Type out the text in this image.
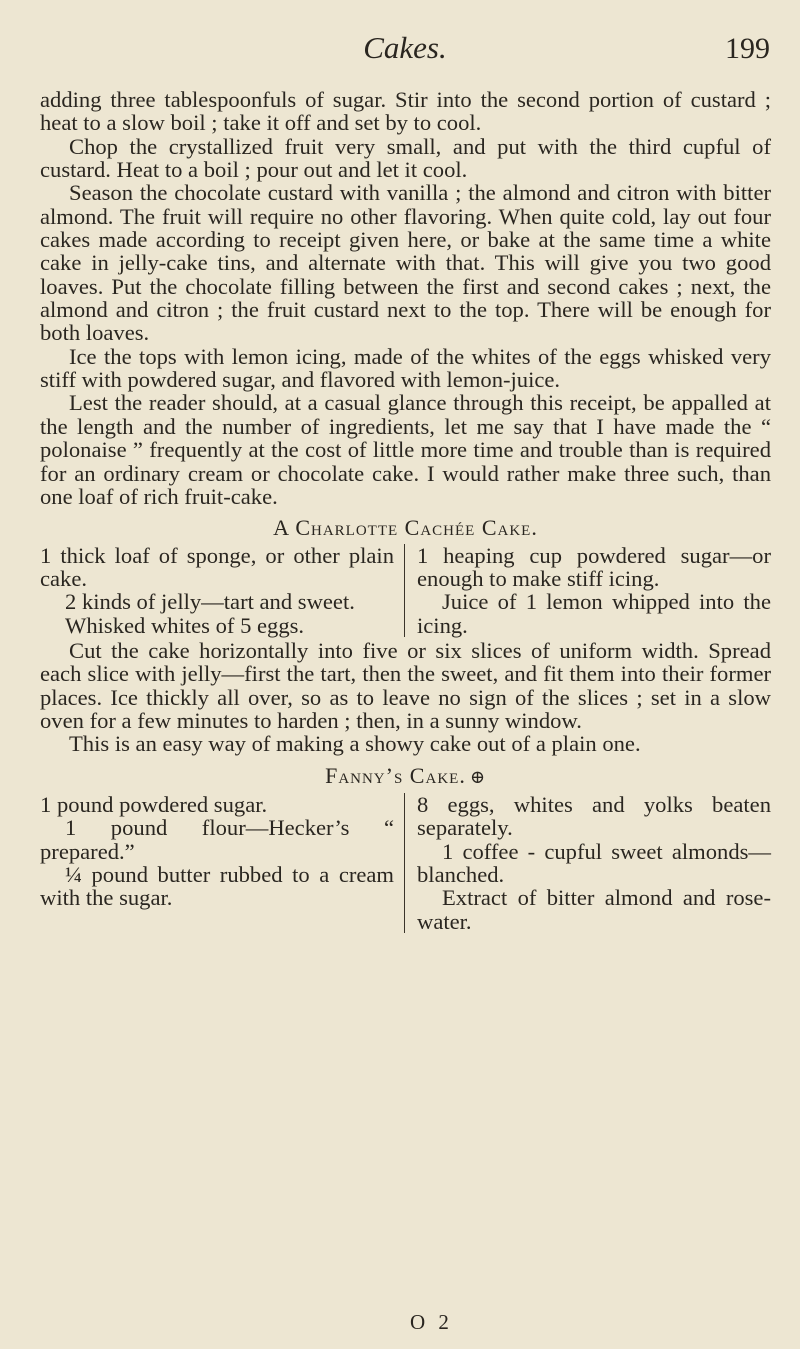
Cakes.	199

adding three tablespoonfuls of sugar. Stir into the second portion of custard ; heat to a slow boil ; take it off and set by to cool.

Chop the crystallized fruit very small, and put with the third cupful of custard. Heat to a boil ; pour out and let it cool.

Season the chocolate custard with vanilla ; the almond and citron with bitter almond. The fruit will require no other flavoring. When quite cold, lay out four cakes made according to receipt given here, or bake at the same time a white cake in jelly-cake tins, and alternate with that. This will give you two good loaves. Put the chocolate filling between the first and second cakes ; next, the almond and citron ; the fruit custard next to the top. There will be enough for both loaves.

Ice the tops with lemon icing, made of the whites of the eggs whisked very stiff with powdered sugar, and flavored with lemon-juice.

Lest the reader should, at a casual glance through this receipt, be appalled at the length and the number of ingredients, let me say that I have made the “ polonaise ” frequently at the cost of little more time and trouble than is required for an ordinary cream or chocolate cake. I would rather make three such, than one loaf of rich fruit-cake.

A Charlotte Cachée Cake.

1 thick loaf of sponge, or other plain cake.

2 kinds of jelly—tart and sweet.

Whisked whites of 5 eggs.

1 heaping cup powdered sugar—or enough to make stiff icing.

Juice of 1 lemon whipped into the icing.

Cut the cake horizontally into five or six slices of uniform width. Spread each slice with jelly—first the tart, then the sweet, and fit them into their former places. Ice thickly all over, so as to leave no sign of the slices ; set in a slow oven for a few minutes to harden ; then, in a sunny window.

This is an easy way of making a showy cake out of a plain one.

Fanny’s Cake. ⊕

1 pound powdered sugar.

1 pound flour—Hecker’s “ prepared.”

¼ pound butter rubbed to a cream with the sugar.

8 eggs, whites and yolks beaten separately.

1 coffee - cupful sweet almonds—blanched.

Extract of bitter almond and rose-water.

O 2
